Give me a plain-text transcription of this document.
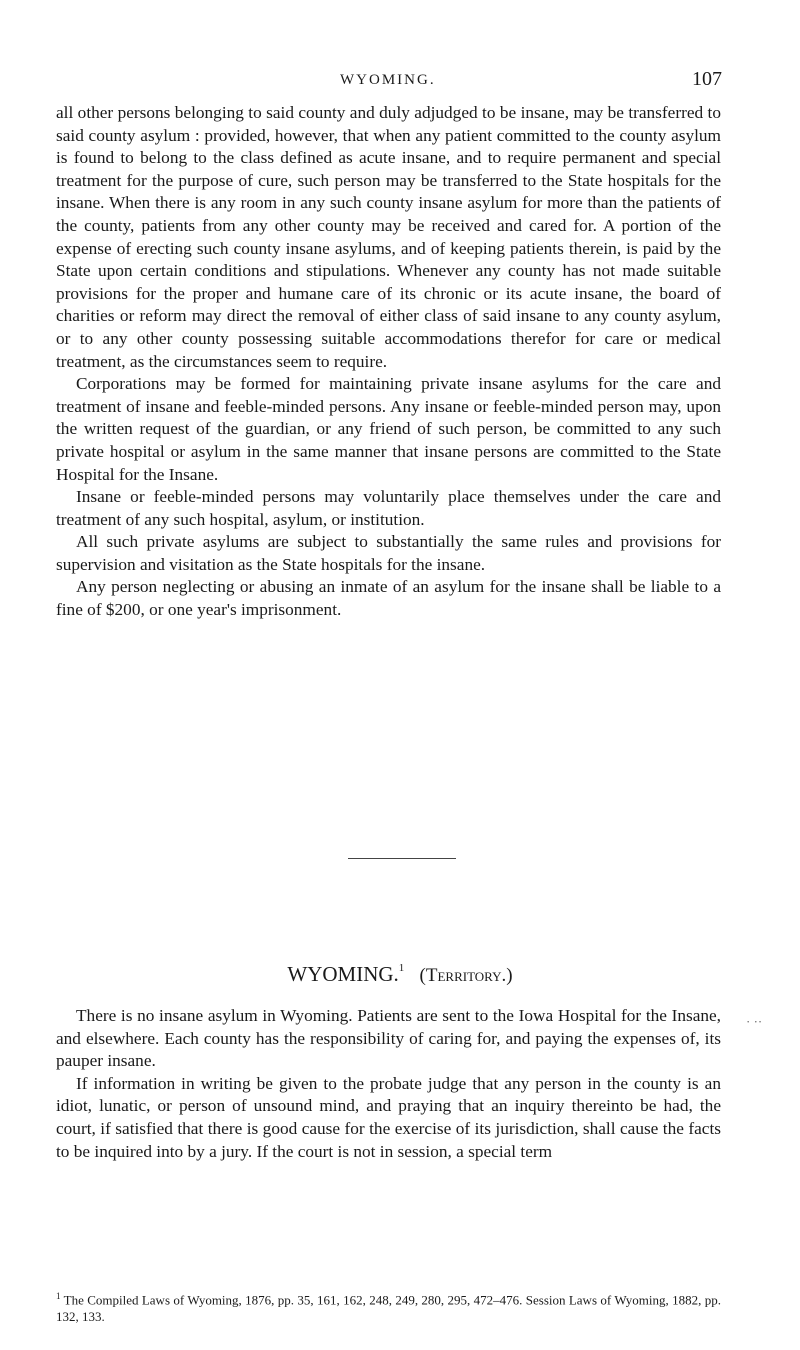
WYOMING.	107

all other persons belonging to said county and duly adjudged to be insane, may be transferred to said county asylum : provided, however, that when any patient committed to the county asylum is found to belong to the class defined as acute insane, and to require permanent and special treatment for the purpose of cure, such person may be transferred to the State hospitals for the insane. When there is any room in any such county insane asylum for more than the patients of the county, patients from any other county may be received and cared for. A portion of the expense of erecting such county insane asylums, and of keeping patients therein, is paid by the State upon certain conditions and stipulations. Whenever any county has not made suitable provisions for the proper and humane care of its chronic or its acute insane, the board of charities or reform may direct the removal of either class of said insane to any county asylum, or to any other county possessing suitable accommodations therefor for care or medical treatment, as the circumstances seem to require.

Corporations may be formed for maintaining private insane asylums for the care and treatment of insane and feeble-minded persons. Any insane or feeble-minded person may, upon the written request of the guardian, or any friend of such person, be committed to any such private hospital or asylum in the same manner that insane persons are committed to the State Hospital for the Insane.

Insane or feeble-minded persons may voluntarily place themselves under the care and treatment of any such hospital, asylum, or institution.

All such private asylums are subject to substantially the same rules and provisions for supervision and visitation as the State hospitals for the insane.

Any person neglecting or abusing an inmate of an asylum for the insane shall be liable to a fine of $200, or one year's imprisonment.

WYOMING.$^1$ (Territory.)
· ··

There is no insane asylum in Wyoming. Patients are sent to the Iowa Hospital for the Insane, and elsewhere. Each county has the responsibility of caring for, and paying the expenses of, its pauper insane.

If information in writing be given to the probate judge that any person in the county is an idiot, lunatic, or person of unsound mind, and praying that an inquiry thereinto be had, the court, if satisfied that there is good cause for the exercise of its jurisdiction, shall cause the facts to be inquired into by a jury. If the court is not in session, a special term

$^1$ The Compiled Laws of Wyoming, 1876, pp. 35, 161, 162, 248, 249, 280, 295, 472–476. Session Laws of Wyoming, 1882, pp. 132, 133.
